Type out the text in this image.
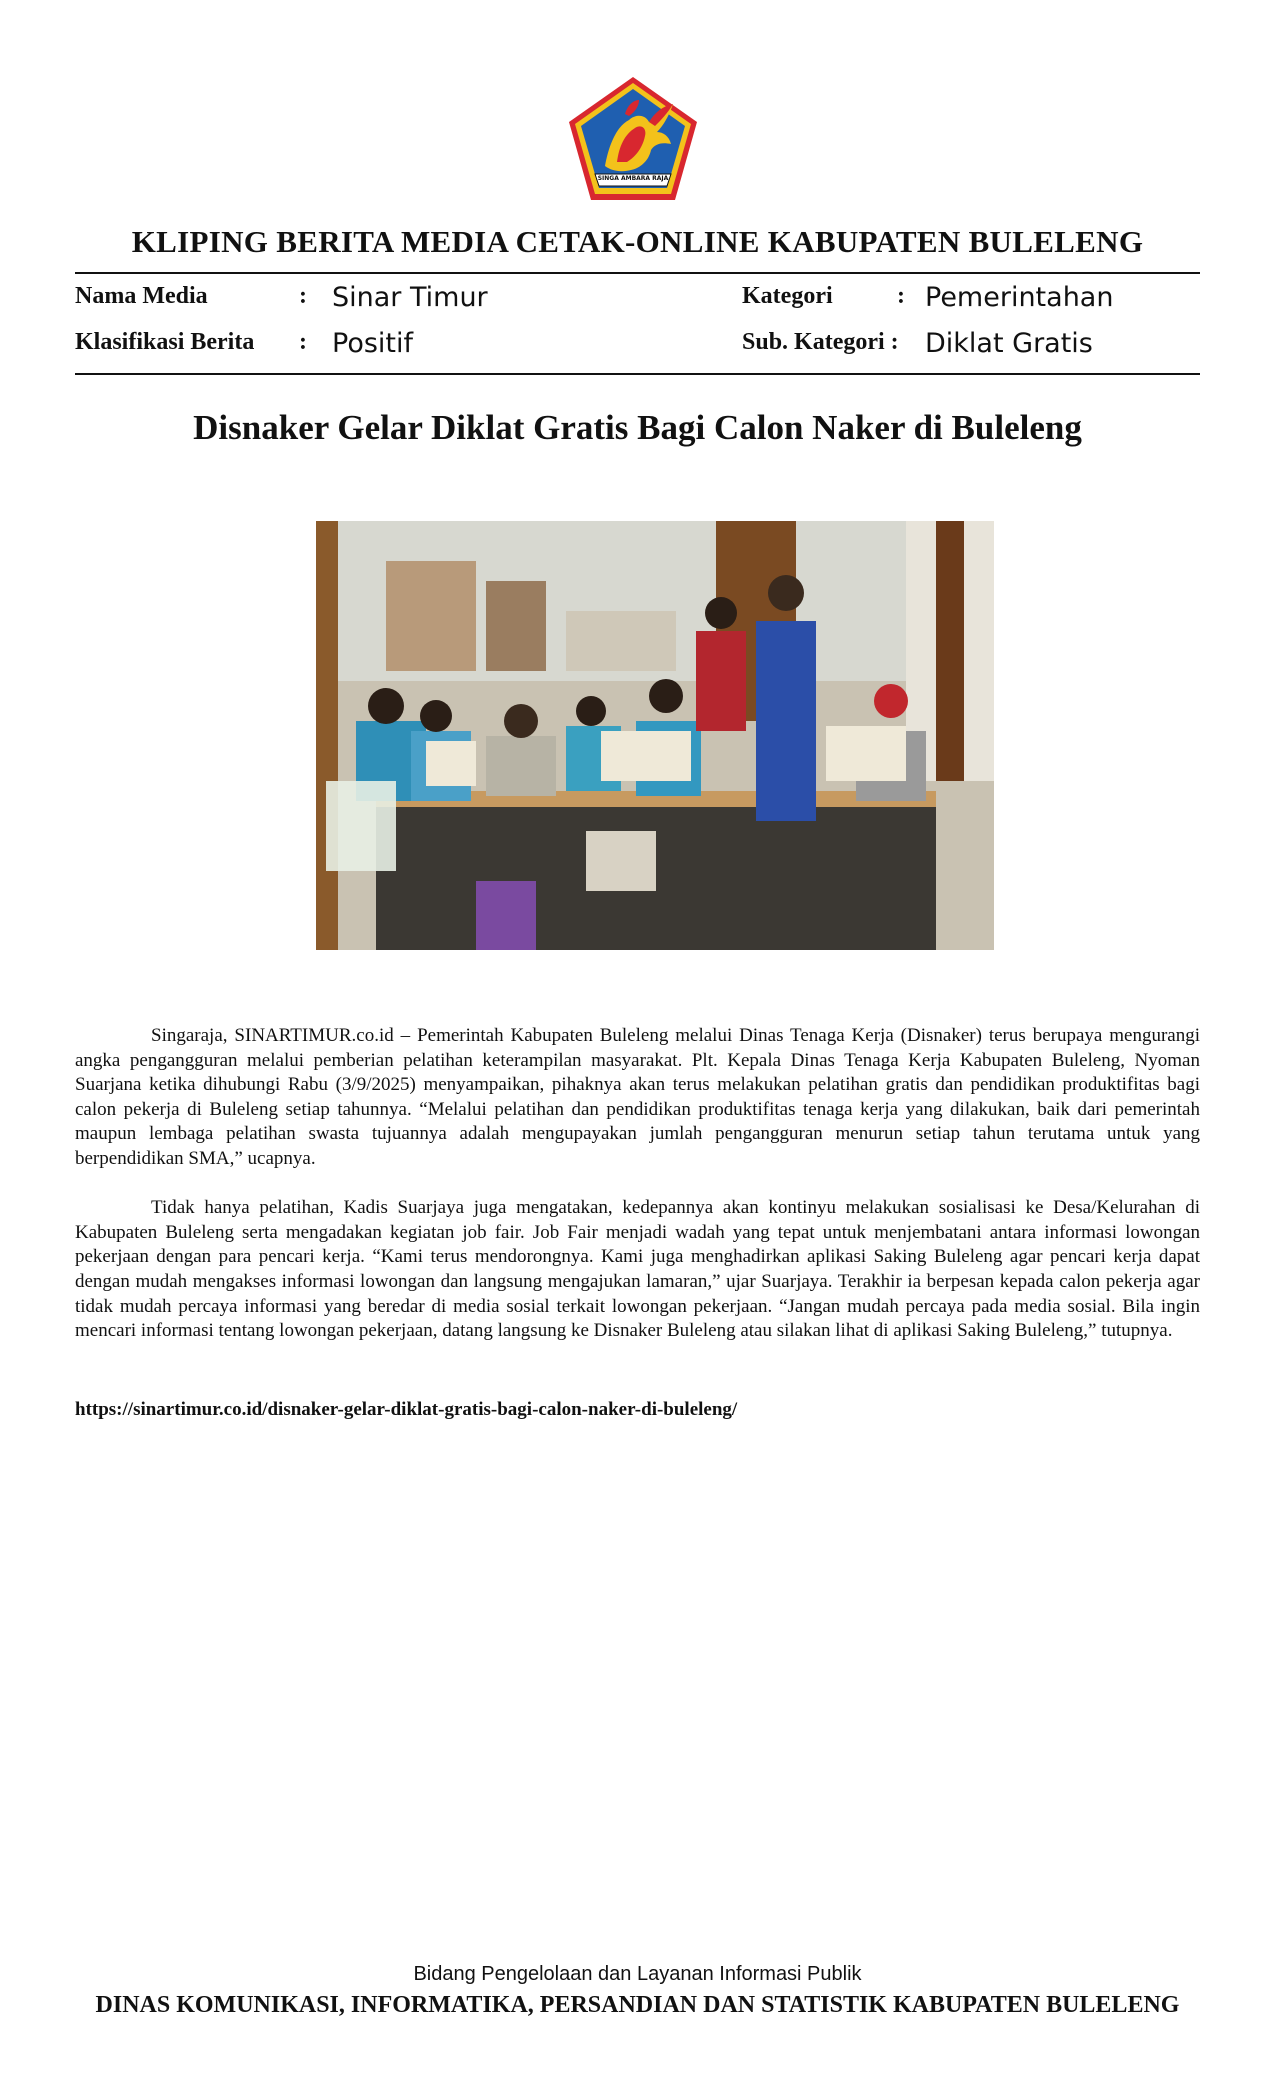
SINGA AMBARA RAJA
KLIPING BERITA MEDIA CETAK-ONLINE KABUPATEN BULELENG
Nama Media	: Sinar Timur
Klasifikasi Berita : Positif
Kategori	: Pemerintahan
Sub. Kategori : Diklat Gratis
Disnaker Gelar Diklat Gratis Bagi Calon Naker di Buleleng

Singaraja, SINARTIMUR.co.id – Pemerintah Kabupaten Buleleng melalui Dinas Tenaga Kerja (Disnaker) terus berupaya mengurangi angka pengangguran melalui pemberian pelatihan keterampilan masyarakat. Plt. Kepala Dinas Tenaga Kerja Kabupaten Buleleng, Nyoman Suarjana ketika dihubungi Rabu (3/9/2025) menyampaikan, pihaknya akan terus melakukan pelatihan gratis dan pendidikan produktifitas bagi calon pekerja di Buleleng setiap tahunnya. “Melalui pelatihan dan pendidikan produktifitas tenaga kerja yang dilakukan, baik dari pemerintah maupun lembaga pelatihan swasta tujuannya adalah mengupayakan jumlah pengangguran menurun setiap tahun terutama untuk yang berpendidikan SMA,” ucapnya.

Tidak hanya pelatihan, Kadis Suarjaya juga mengatakan, kedepannya akan kontinyu melakukan sosialisasi ke Desa/Kelurahan di Kabupaten Buleleng serta mengadakan kegiatan job fair. Job Fair menjadi wadah yang tepat untuk menjembatani antara informasi lowongan pekerjaan dengan para pencari kerja. “Kami terus mendorongnya. Kami juga menghadirkan aplikasi Saking Buleleng agar pencari kerja dapat dengan mudah mengakses informasi lowongan dan langsung mengajukan lamaran,” ujar Suarjaya. Terakhir ia berpesan kepada calon pekerja agar tidak mudah percaya informasi yang beredar di media sosial terkait lowongan pekerjaan. “Jangan mudah percaya pada media sosial. Bila ingin mencari informasi tentang lowongan pekerjaan, datang langsung ke Disnaker Buleleng atau silakan lihat di aplikasi Saking Buleleng,” tutupnya.

https://sinartimur.co.id/disnaker-gelar-diklat-gratis-bagi-calon-naker-di-buleleng/
Bidang Pengelolaan dan Layanan Informasi Publik
DINAS KOMUNIKASI, INFORMATIKA, PERSANDIAN DAN STATISTIK KABUPATEN BULELENG
